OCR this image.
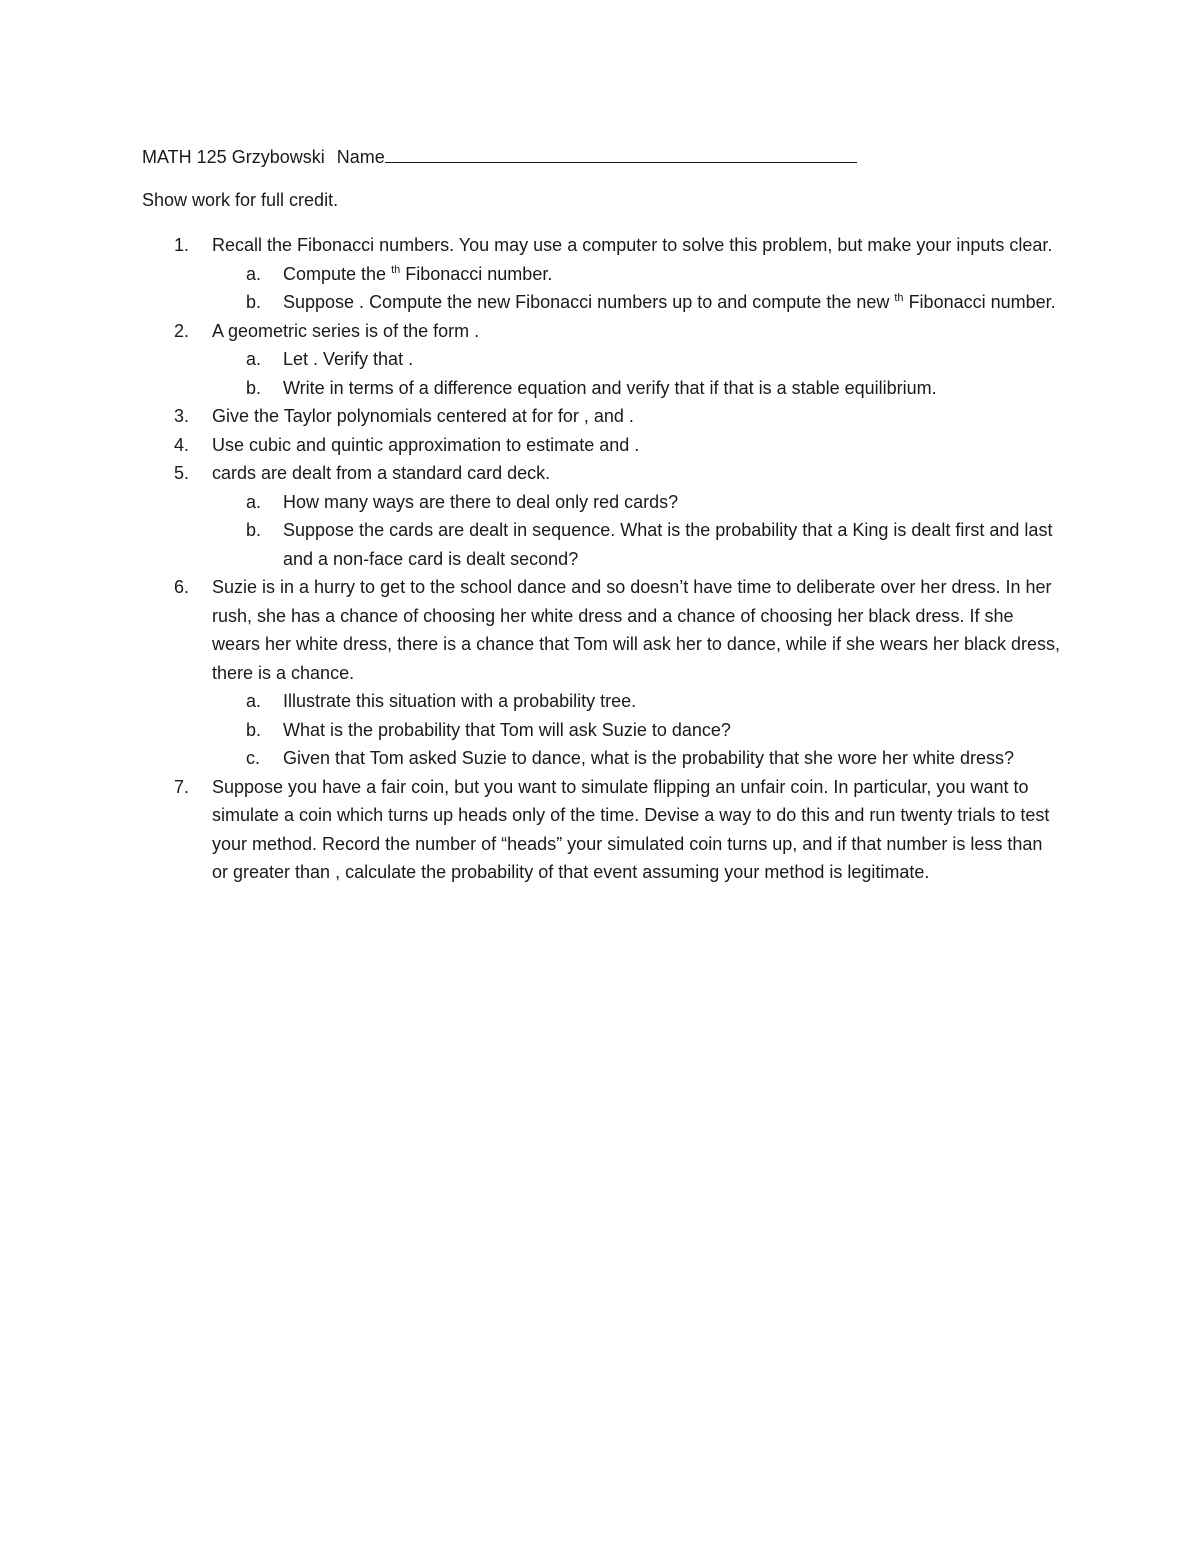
MATH 125 Grzybowski Name
Show work for full credit.
1. Recall the Fibonacci numbers. You may use a computer to solve this problem, but make your inputs clear.
a. Compute the $^{th}$ Fibonacci number.
b. Suppose . Compute the new Fibonacci numbers up to and compute the new $^{th}$ Fibonacci number.
2. A geometric series is of the form .
a. Let . Verify that .
b. Write in terms of a difference equation and verify that if that is a stable equilibrium.
3. Give the Taylor polynomials centered at for for , and .
4. Use cubic and quintic approximation to estimate and .
5. cards are dealt from a standard card deck.
a. How many ways are there to deal only red cards?
b. Suppose the cards are dealt in sequence. What is the probability that a King is dealt first and last and a non-face card is dealt second?
6. Suzie is in a hurry to get to the school dance and so doesn’t have time to deliberate over her dress. In her rush, she has a chance of choosing her white dress and a chance of choosing her black dress. If she wears her white dress, there is a chance that Tom will ask her to dance, while if she wears her black dress, there is a chance.
a. Illustrate this situation with a probability tree.
b. What is the probability that Tom will ask Suzie to dance?
c. Given that Tom asked Suzie to dance, what is the probability that she wore her white dress?
7. Suppose you have a fair coin, but you want to simulate flipping an unfair coin. In particular, you want to simulate a coin which turns up heads only of the time. Devise a way to do this and run twenty trials to test your method. Record the number of “heads” your simulated coin turns up, and if that number is less than or greater than , calculate the probability of that event assuming your method is legitimate.
